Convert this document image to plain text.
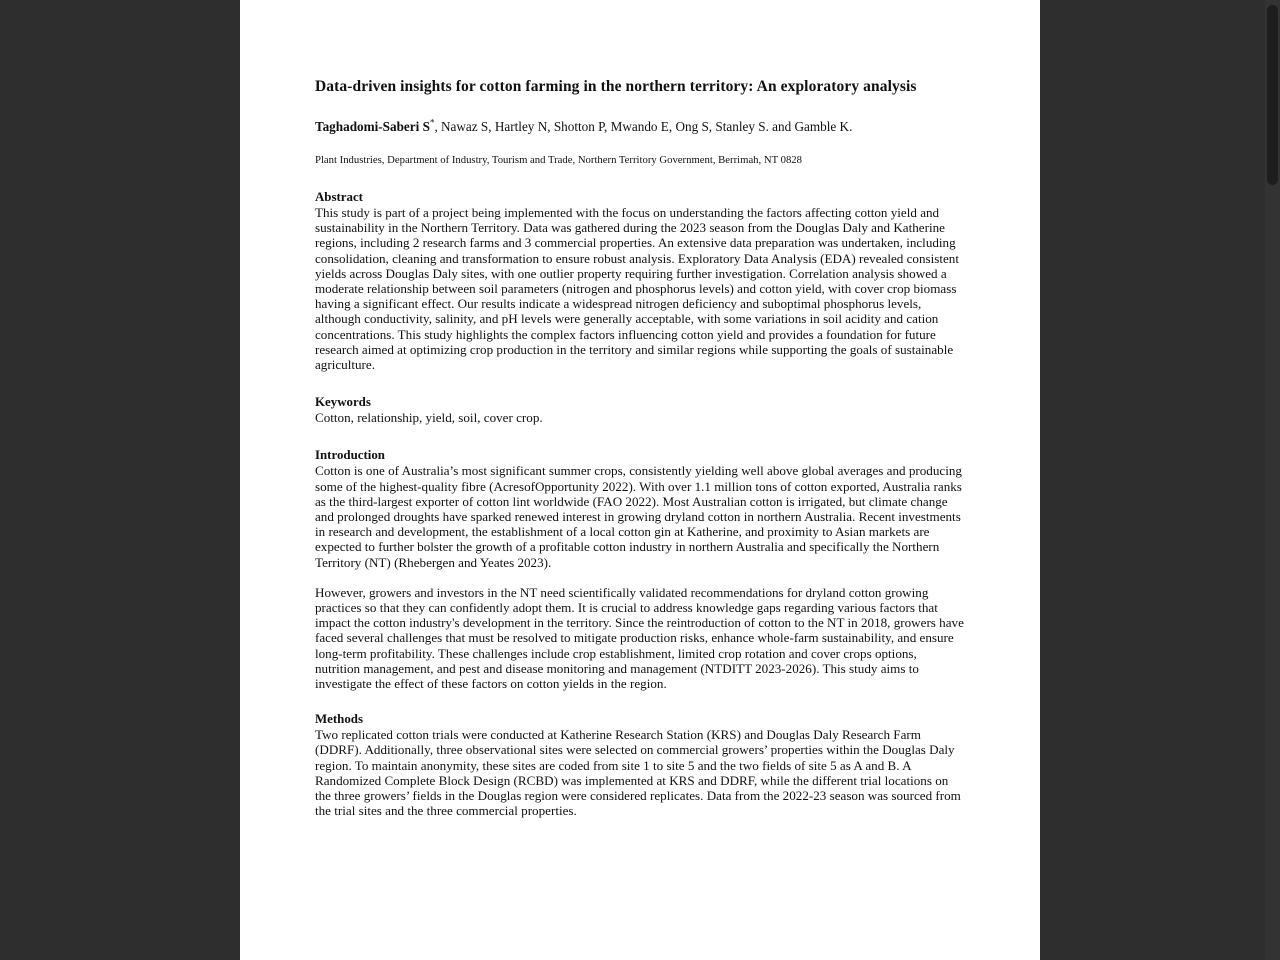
Data-driven insights for cotton farming in the northern territory: An exploratory analysis

Taghadomi-Saberi S*, Nawaz S, Hartley N, Shotton P, Mwando E, Ong S, Stanley S. and Gamble K.

Plant Industries, Department of Industry, Tourism and Trade, Northern Territory Government, Berrimah, NT 0828

Abstract

This study is part of a project being implemented with the focus on understanding the factors affecting cotton yield and sustainability in the Northern Territory. Data was gathered during the 2023 season from the Douglas Daly and Katherine regions, including 2 research farms and 3 commercial properties. An extensive data preparation was undertaken, including consolidation, cleaning and transformation to ensure robust analysis. Exploratory Data Analysis (EDA) revealed consistent yields across Douglas Daly sites, with one outlier property requiring further investigation. Correlation analysis showed a moderate relationship between soil parameters (nitrogen and phosphorus levels) and cotton yield, with cover crop biomass having a significant effect. Our results indicate a widespread nitrogen deficiency and suboptimal phosphorus levels, although conductivity, salinity, and pH levels were generally acceptable, with some variations in soil acidity and cation concentrations. This study highlights the complex factors influencing cotton yield and provides a foundation for future research aimed at optimizing crop production in the territory and similar regions while supporting the goals of sustainable agriculture.

Keywords

Cotton, relationship, yield, soil, cover crop.

Introduction

Cotton is one of Australia’s most significant summer crops, consistently yielding well above global averages and producing some of the highest-quality fibre (AcresofOpportunity 2022). With over 1.1 million tons of cotton exported, Australia ranks as the third-largest exporter of cotton lint worldwide (FAO 2022). Most Australian cotton is irrigated, but climate change and prolonged droughts have sparked renewed interest in growing dryland cotton in northern Australia. Recent investments in research and development, the establishment of a local cotton gin at Katherine, and proximity to Asian markets are expected to further bolster the growth of a profitable cotton industry in northern Australia and specifically the Northern Territory (NT) (Rhebergen and Yeates 2023).

However, growers and investors in the NT need scientifically validated recommendations for dryland cotton growing practices so that they can confidently adopt them. It is crucial to address knowledge gaps regarding various factors that impact the cotton industry's development in the territory. Since the reintroduction of cotton to the NT in 2018, growers have faced several challenges that must be resolved to mitigate production risks, enhance whole-farm sustainability, and ensure long-term profitability. These challenges include crop establishment, limited crop rotation and cover crops options, nutrition management, and pest and disease monitoring and management (NTDITT 2023-2026). This study aims to investigate the effect of these factors on cotton yields in the region.

Methods

Two replicated cotton trials were conducted at Katherine Research Station (KRS) and Douglas Daly Research Farm (DDRF). Additionally, three observational sites were selected on commercial growers’ properties within the Douglas Daly region. To maintain anonymity, these sites are coded from site 1 to site 5 and the two fields of site 5 as A and B. A Randomized Complete Block Design (RCBD) was implemented at KRS and DDRF, while the different trial locations on the three growers’ fields in the Douglas region were considered replicates. Data from the 2022-23 season was sourced from the trial sites and the three commercial properties.
